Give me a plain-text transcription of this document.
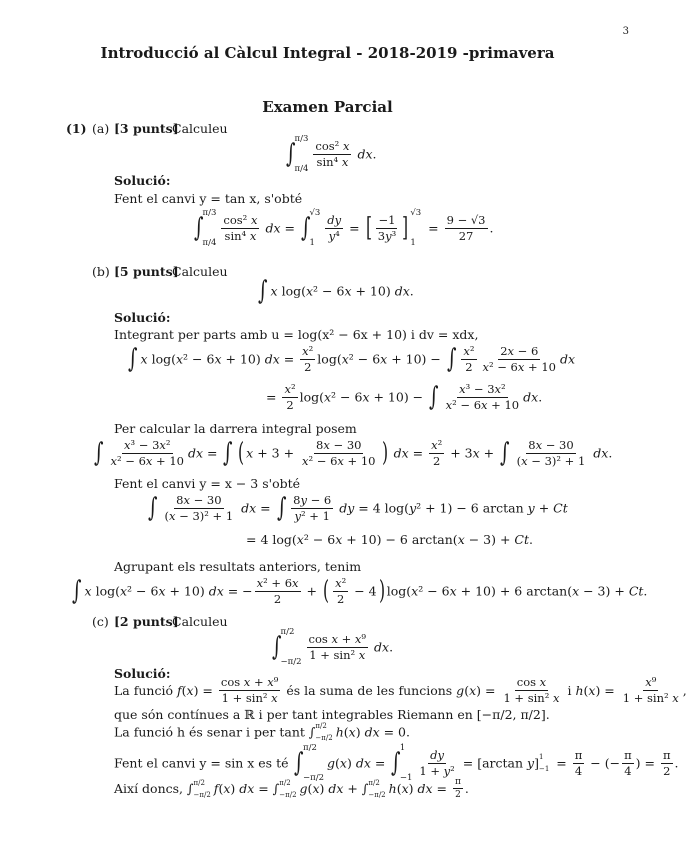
3
Introducció al Càlcul Integral - 2018-2019 -primavera
Examen Parcial
(1) (a) [3 punts]
Calculeu
∫ π/3
π/4
$\frac{\text{cos² x}}{\text{sin⁴ x}}$ dx.
Solució:
Fent el canvi y = tan x, s'obté
∫ π/3
π/4
$\frac{\text{cos² x}}{\text{sin⁴ x}}$ dx = ∫ √3
1
$\frac{dy}{\text{y⁴}}$ = [ $\frac{-1}{\text{3y³}}$ ] √3
1
= $\frac{9 - √3}{27}$ .
(b) [5 punts]
Calculeu
∫ x log(x² − 6x + 10) dx.
Solució:
Integrant per parts amb u = log(x² − 6x + 10) i dv = xdx,
∫ x log(x² − 6x + 10) dx = $\frac{\text{x²}}{2} \log(x^2 - 6x + 10)$ − ∫ $\frac{\text{x²}}{2} \frac{2x - 6}{\text{x² − 6x + 10}}$ dx
= $\frac{\text{x²}}{2} \log(x^2 - 6x + 10)$ − ∫ $\frac{\text{x³ − 3x²}}{\text{x² − 6x + 10}}$ dx.
Per calcular la darrera integral posem
∫ $\frac{\text{x³ − 3x²}}{\text{x² − 6x + 10}}$ dx = ∫ ( $x + 3 + \frac{8x - 30}{\text{x² − 6x + 10}}$ ) dx = $\frac{\text{x²}}{2} + 3x$ + ∫ $\frac{8x - 30}{\text{(x − 3)² + 1}}$ dx.
Fent el canvi y = x − 3 s'obté
∫ $\frac{8x - 30}{\text{(x − 3)² + 1}}$ dx = ∫ $\frac{8y - 6}{\text{y² + 1}}$ dy = 4 log(y² + 1) − 6 arctan y + Ct
= 4 log(x² − 6x + 10) − 6 arctan(x − 3) + Ct.
Agrupant els resultats anteriors, tenim
∫ x log(x² − 6x + 10) dx = − $\frac{\text{x² + 6x}}{2}$ + ( $\frac{\text{x²}}{2} - 4$) log(x² − 6x + 10) + 6 arctan(x − 3) + Ct.
(c) [2 punts]
Calculeu
∫ π/2
−π/2
$\frac{\text{cos x + x⁹}}{\text{1 + sin² x}}$ dx.
Solució:
La funció $f(x) = \frac{\text{cos x + x⁹}}{\text{1 + sin² x}}$ és la suma de les funcions $g(x) = \frac{\text{cos x}}{\text{1 + sin² x}}$ i $h(x) = \frac{\text{x⁹}}{\text{1 + sin² x}}$ ,
que són contínues a ℝ i per tant integrables Riemann en [−π/2, π/2].
La funció h és senar i per tant ∫ π/2
−π/2 h(x) dx = 0.
Fent el canvi y = sin x es té ∫ π/2
−π/2
g(x) dx = ∫ 1
−1
$\frac{dy}{\text{1 + y²}} = [\arctan$ y] 1
$-1 = \frac{\pi}{4}$ − (− $\frac{\pi}{4}$ ) = $\frac{\pi}{2}$ .
Així doncs, ∫ π/2
−π/2 f(x) dx = ∫ π/2
−π/2 g(x) dx + ∫ π/2
−π/2 h(x) dx = $\frac{\pi}{2}$ .
